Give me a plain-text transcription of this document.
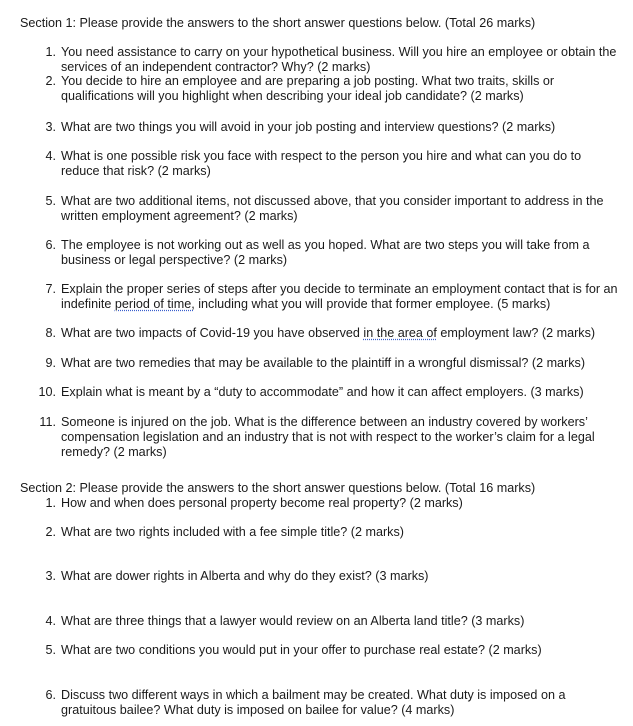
Section 1: Please provide the answers to the short answer questions below. (Total 26 marks)
1. You need assistance to carry on your hypothetical business. Will you hire an employee or obtain the services of an independent contractor? Why? (2 marks)
2. You decide to hire an employee and are preparing a job posting. What two traits, skills or qualifications will you highlight when describing your ideal job candidate? (2 marks)
3. What are two things you will avoid in your job posting and interview questions? (2 marks)
4. What is one possible risk you face with respect to the person you hire and what can you do to reduce that risk? (2 marks)
5. What are two additional items, not discussed above, that you consider important to address in the written employment agreement? (2 marks)
6. The employee is not working out as well as you hoped. What are two steps you will take from a business or legal perspective? (2 marks)
7. Explain the proper series of steps after you decide to terminate an employment contact that is for an indefinite period of time, including what you will provide that former employee. (5 marks)
8. What are two impacts of Covid-19 you have observed in the area of employment law? (2 marks)
9. What are two remedies that may be available to the plaintiff in a wrongful dismissal? (2 marks)
10. Explain what is meant by a “duty to accommodate” and how it can affect employers. (3 marks)
11. Someone is injured on the job. What is the difference between an industry covered by workers’ compensation legislation and an industry that is not with respect to the worker’s claim for a legal remedy? (2 marks)
Section 2: Please provide the answers to the short answer questions below. (Total 16 marks)
1. How and when does personal property become real property? (2 marks)
2. What are two rights included with a fee simple title? (2 marks)
3. What are dower rights in Alberta and why do they exist? (3 marks)
4. What are three things that a lawyer would review on an Alberta land title? (3 marks)
5. What are two conditions you would put in your offer to purchase real estate? (2 marks)
6. Discuss two different ways in which a bailment may be created. What duty is imposed on a gratuitous bailee? What duty is imposed on bailee for value? (4 marks)
